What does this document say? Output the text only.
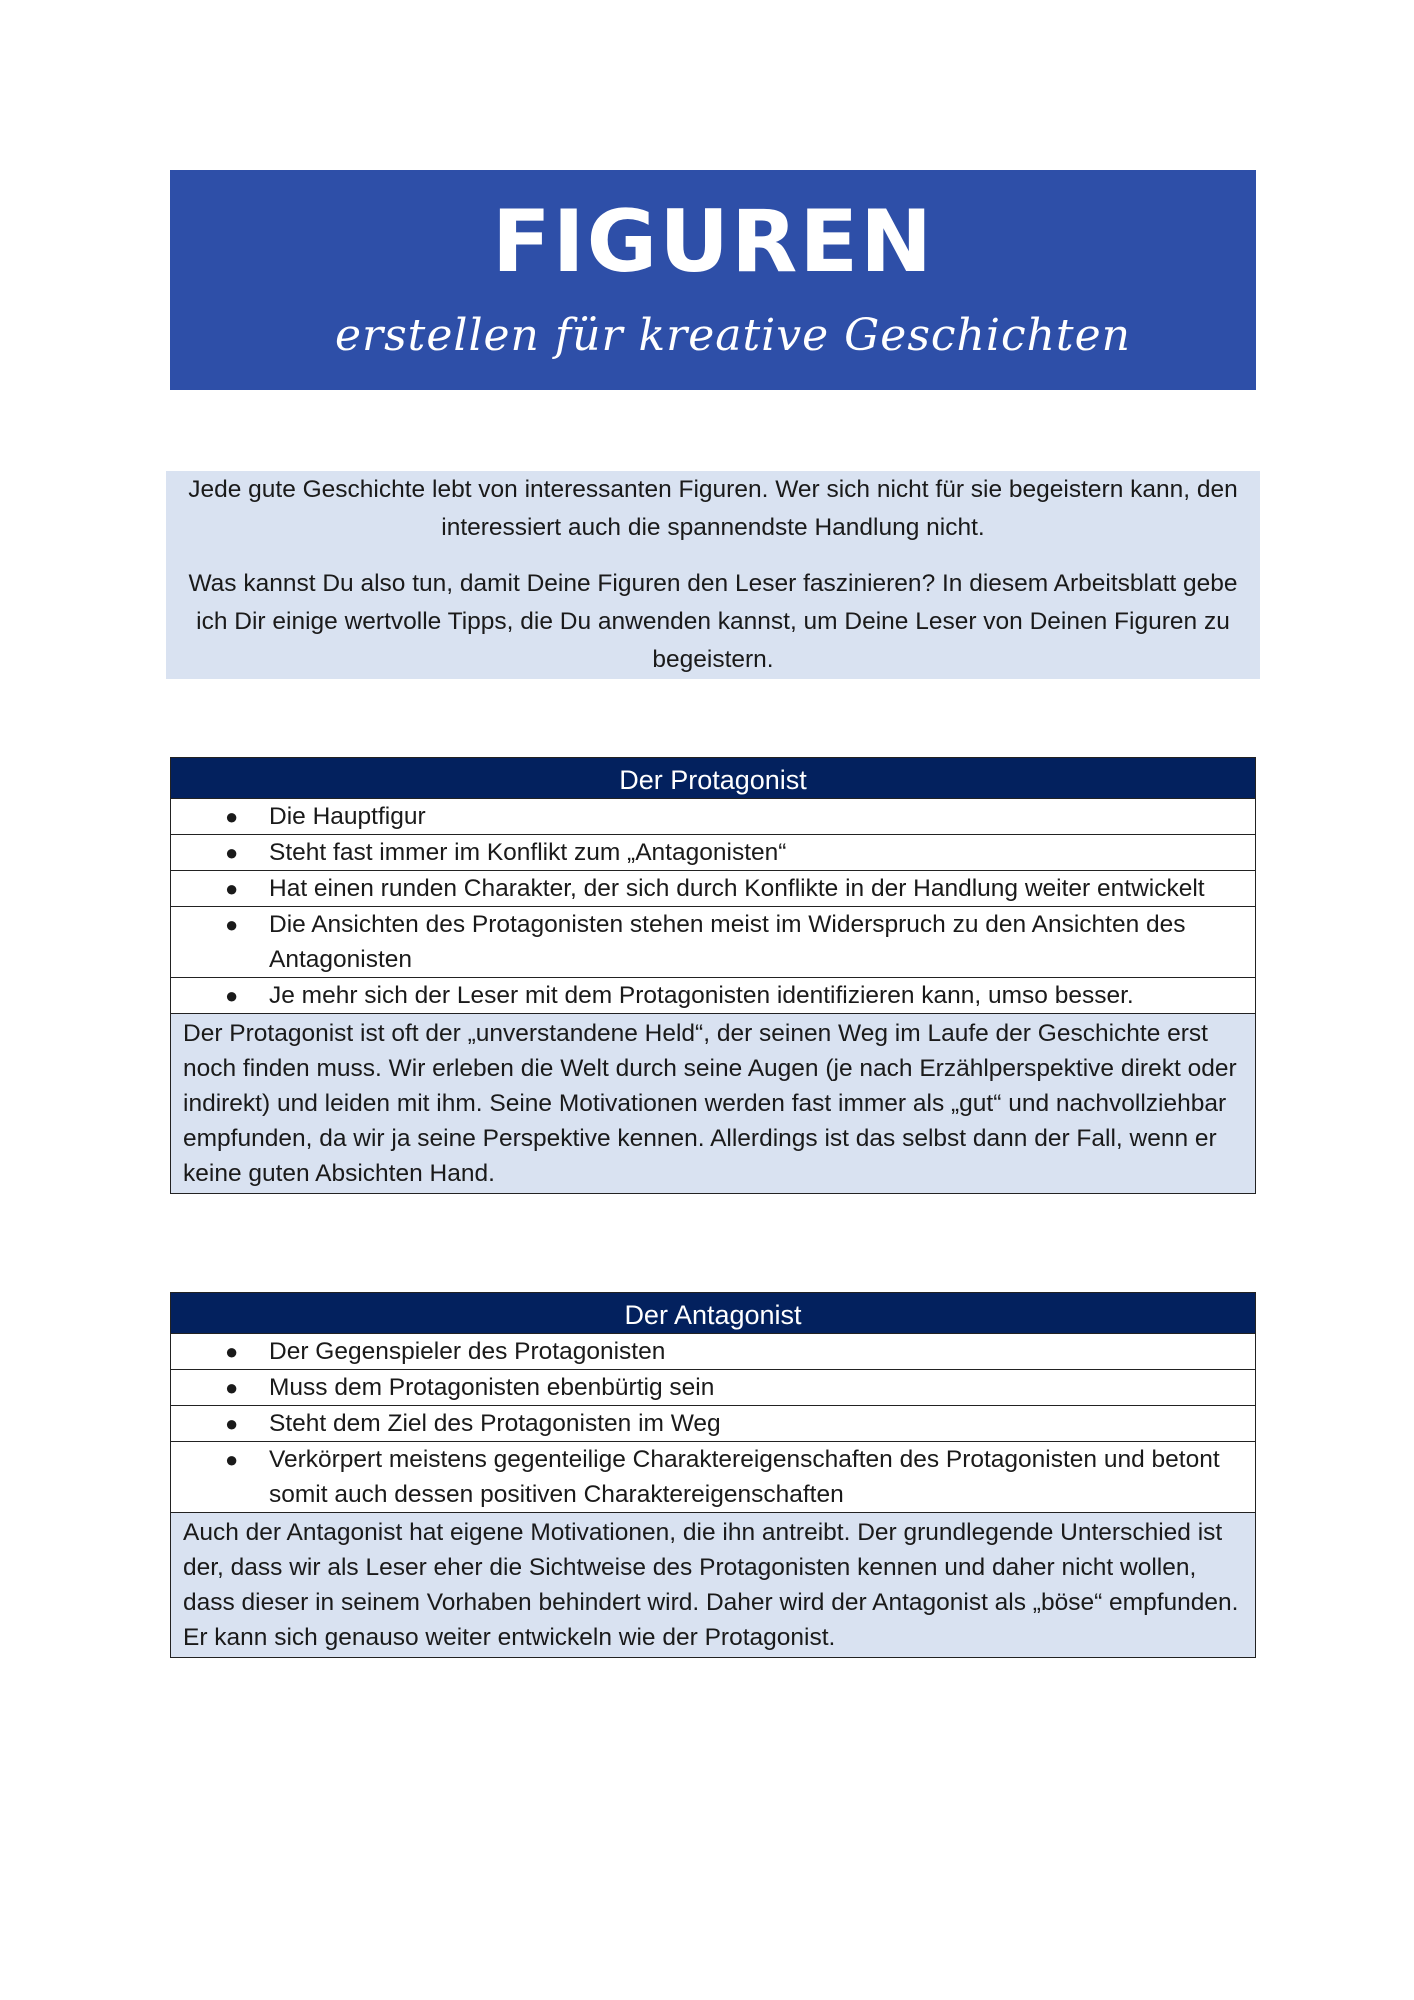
FIGUREN
erstellen für kreative Geschichten

Jede gute Geschichte lebt von interessanten Figuren. Wer sich nicht für sie begeistern kann, den interessiert auch die spannendste Handlung nicht.

Was kannst Du also tun, damit Deine Figuren den Leser faszinieren? In diesem Arbeitsblatt gebe ich Dir einige wertvolle Tipps, die Du anwenden kannst, um Deine Leser von Deinen Figuren zu begeistern.

Der Protagonist
● Die Hauptfigur
● Steht fast immer im Konflikt zum „Antagonisten“
● Hat einen runden Charakter, der sich durch Konflikte in der Handlung weiter entwickelt
● Die Ansichten des Protagonisten stehen meist im Widerspruch zu den Ansichten des Antagonisten
● Je mehr sich der Leser mit dem Protagonisten identifizieren kann, umso besser.
Der Protagonist ist oft der „unverstandene Held“, der seinen Weg im Laufe der Geschichte erst noch finden muss. Wir erleben die Welt durch seine Augen (je nach Erzählperspektive direkt oder indirekt) und leiden mit ihm. Seine Motivationen werden fast immer als „gut“ und nachvollziehbar empfunden, da wir ja seine Perspektive kennen. Allerdings ist das selbst dann der Fall, wenn er keine guten Absichten Hand.
Der Antagonist
● Der Gegenspieler des Protagonisten
● Muss dem Protagonisten ebenbürtig sein
● Steht dem Ziel des Protagonisten im Weg
● Verkörpert meistens gegenteilige Charaktereigenschaften des Protagonisten und betont somit auch dessen positiven Charaktereigenschaften
Auch der Antagonist hat eigene Motivationen, die ihn antreibt. Der grundlegende Unterschied ist der, dass wir als Leser eher die Sichtweise des Protagonisten kennen und daher nicht wollen, dass dieser in seinem Vorhaben behindert wird. Daher wird der Antagonist als „böse“ empfunden. Er kann sich genauso weiter entwickeln wie der Protagonist.
